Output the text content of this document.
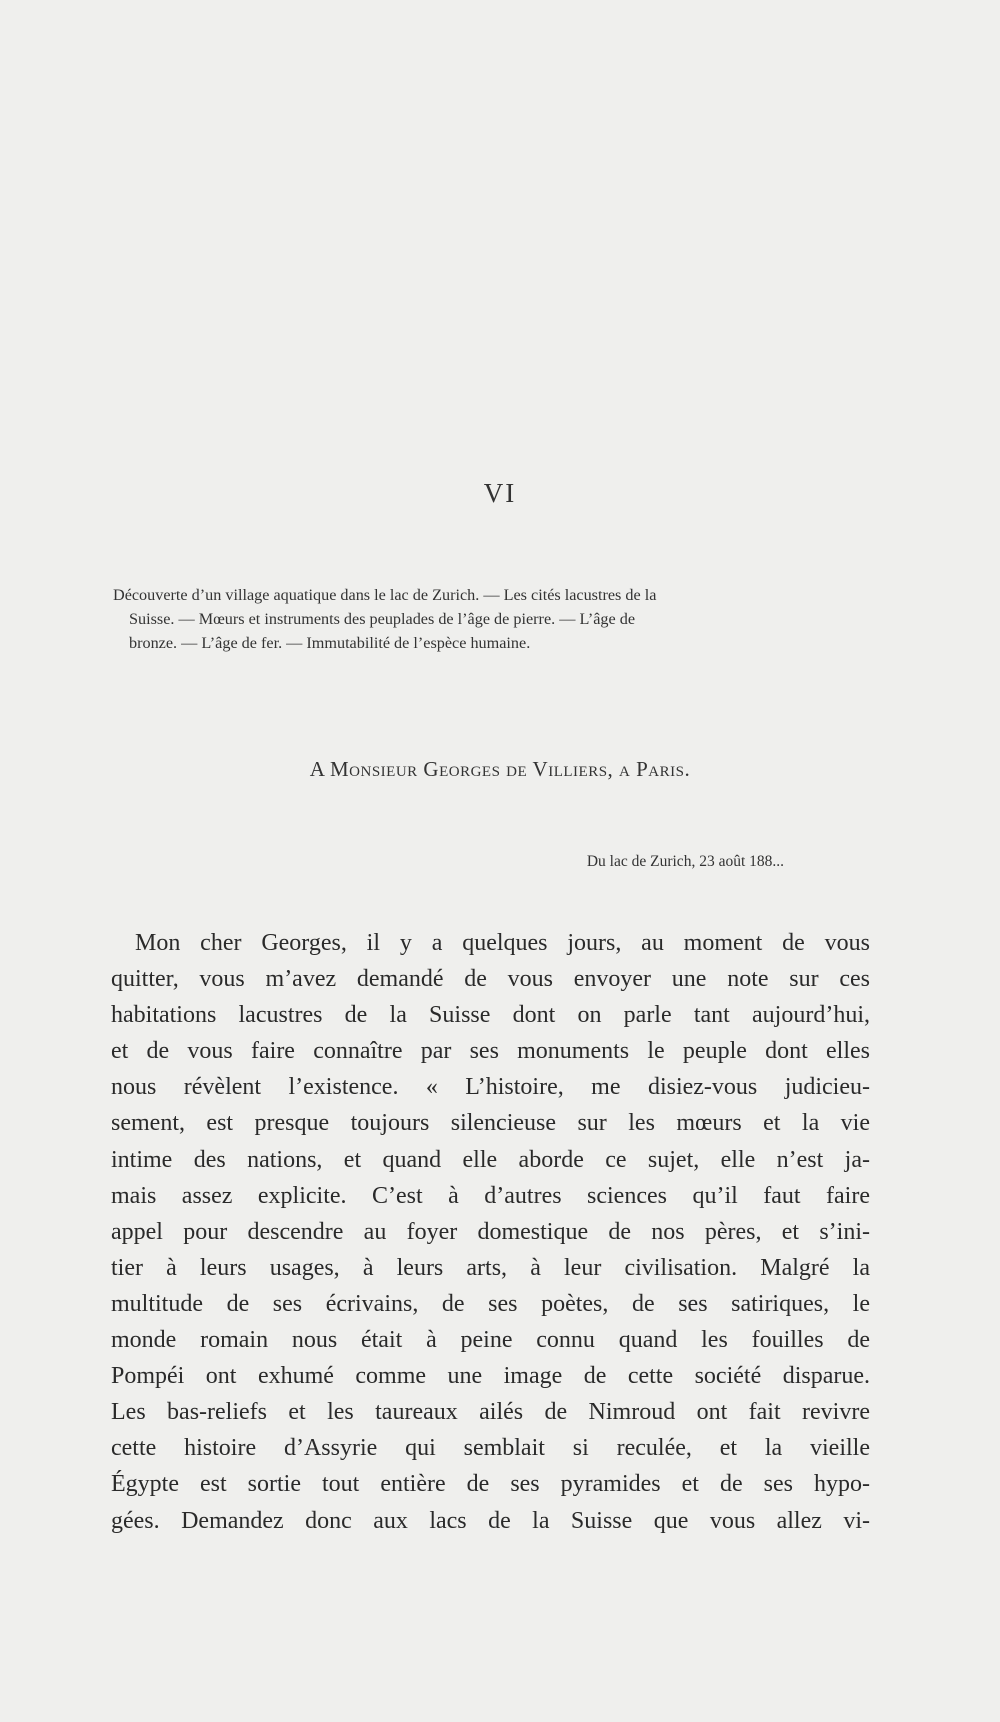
VI

Découverte d’un village aquatique dans le lac de Zurich. — Les cités lacustres de la

Suisse. — Mœurs et instruments des peuplades de l’âge de pierre. — L’âge de

bronze. — L’âge de fer. — Immutabilité de l’espèce humaine.

A Monsieur Georges de Villiers, a Paris.
Du lac de Zurich, 23 août 188...
Mon cher Georges, il y a quelques jours, au moment de vous
quitter, vous m’avez demandé de vous envoyer une note sur ces
habitations lacustres de la Suisse dont on parle tant aujourd’hui,
et de vous faire connaître par ses monuments le peuple dont elles
nous révèlent l’existence. « L’histoire, me disiez-vous judicieu-
sement, est presque toujours silencieuse sur les mœurs et la vie
intime des nations, et quand elle aborde ce sujet, elle n’est ja-
mais assez explicite. C’est à d’autres sciences qu’il faut faire
appel pour descendre au foyer domestique de nos pères, et s’ini-
tier à leurs usages, à leurs arts, à leur civilisation. Malgré la
multitude de ses écrivains, de ses poètes, de ses satiriques, le
monde romain nous était à peine connu quand les fouilles de
Pompéi ont exhumé comme une image de cette société disparue.
Les bas-reliefs et les taureaux ailés de Nimroud ont fait revivre
cette histoire d’Assyrie qui semblait si reculée, et la vieille
Égypte est sortie tout entière de ses pyramides et de ses hypo-
gées. Demandez donc aux lacs de la Suisse que vous allez vi-
